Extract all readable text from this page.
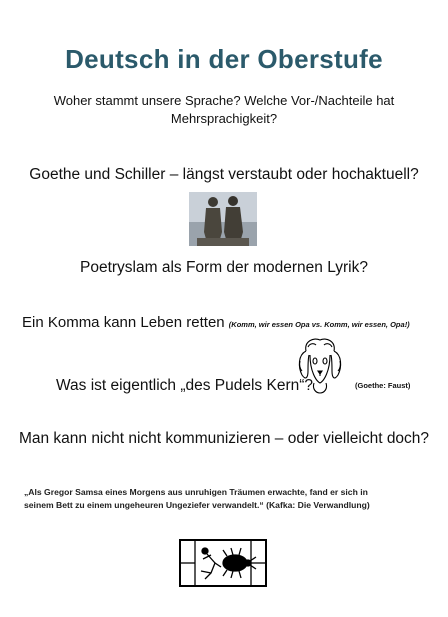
Deutsch in der Oberstufe
Woher stammt unsere Sprache? Welche Vor-/Nachteile hat
Mehrsprachigkeit?
Goethe und Schiller – längst verstaubt oder hochaktuell?
Poetryslam als Form der modernen Lyrik?
Ein Komma kann Leben retten (Komm, wir essen Opa vs. Komm, wir essen, Opa!)
Was ist eigentlich „des Pudels Kern“?	(Goethe: Faust)
Man kann nicht nicht kommunizieren – oder vielleicht doch?
„Als Gregor Samsa eines Morgens aus unruhigen Träumen erwachte, fand er sich in
seinem Bett zu einem ungeheuren Ungeziefer verwandelt.“ (Kafka: Die Verwandlung)
